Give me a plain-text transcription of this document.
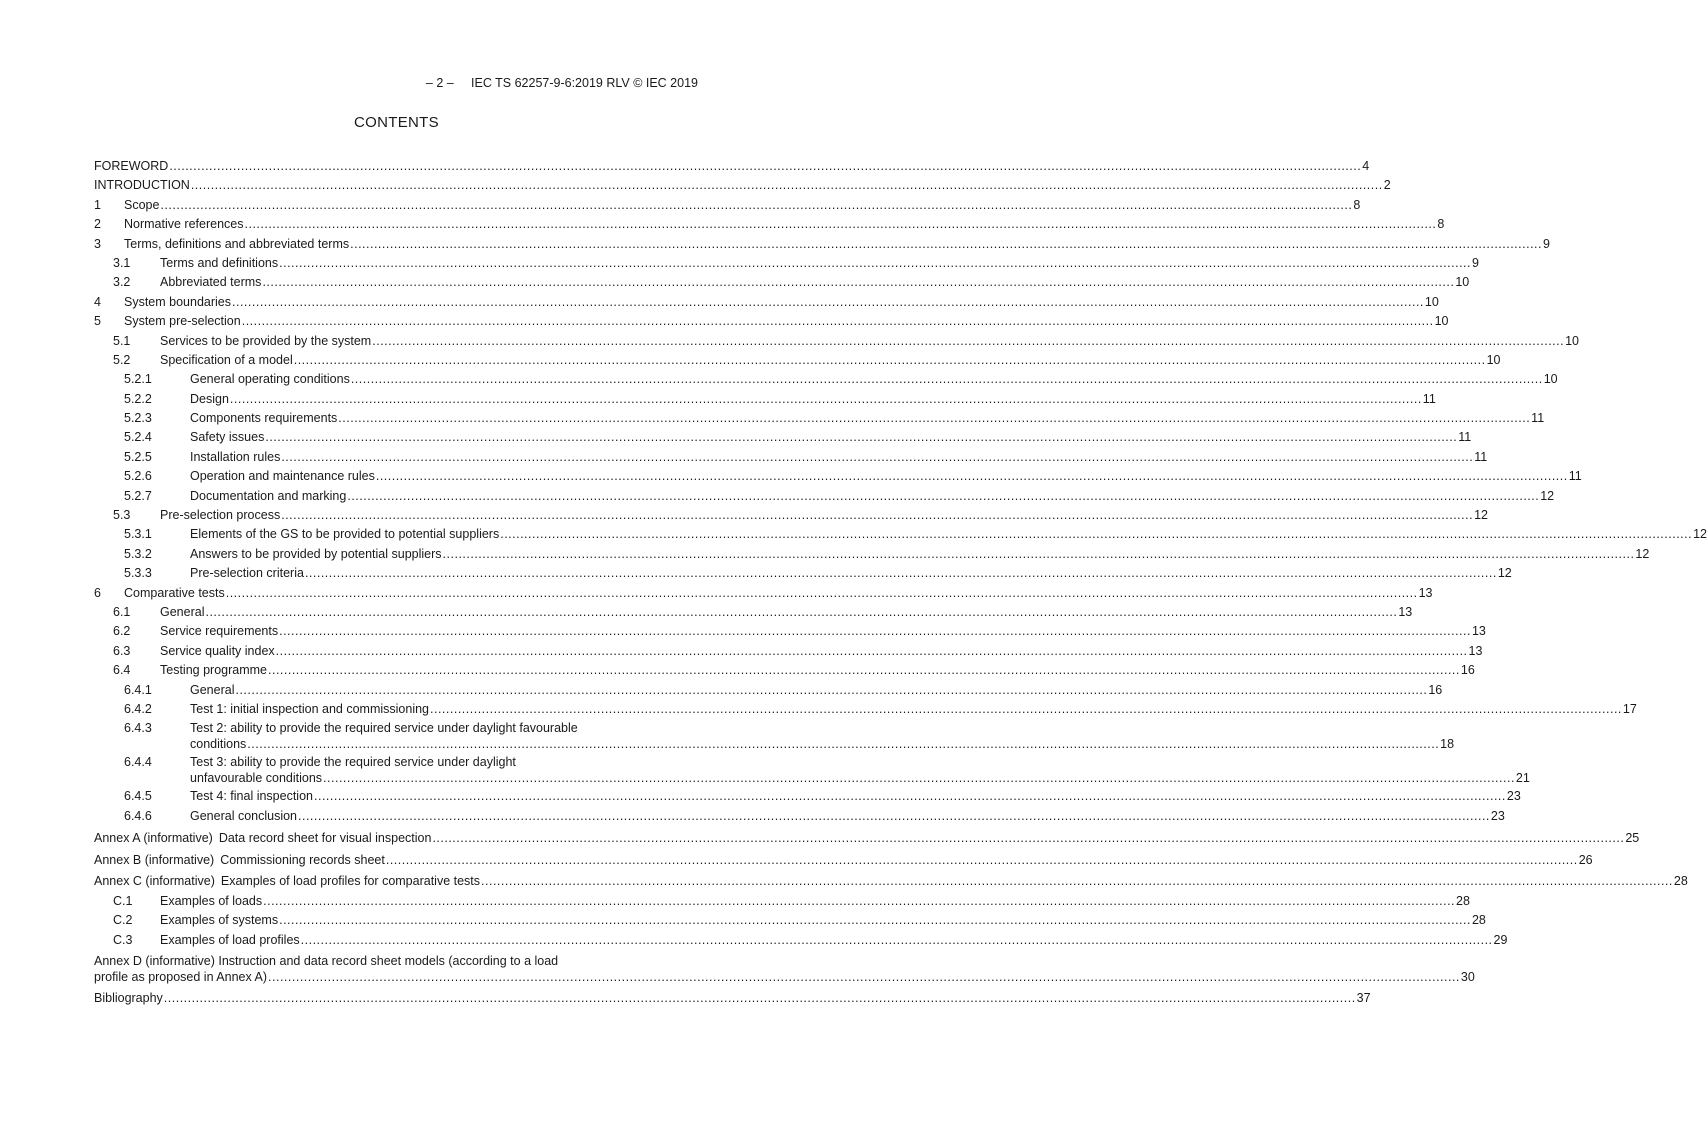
– 2 –     IEC TS 62257-9-6:2019 RLV © IEC 2019
CONTENTS
FOREWORD ............................................................................................................................................................................................................................................................................................................ 4
INTRODUCTION ............................................................................................................................................................................................................................................................................................................ 2
1 Scope ............................................................................................................................................................................................................................................................................................................ 8
2 Normative references ............................................................................................................................................................................................................................................................................................................ 8
3 Terms, definitions and abbreviated terms ............................................................................................................................................................................................................................................................................................................ 9
3.1 Terms and definitions ............................................................................................................................................................................................................................................................................................................ 9
3.2 Abbreviated terms ............................................................................................................................................................................................................................................................................................................ 10
4 System boundaries ............................................................................................................................................................................................................................................................................................................ 10
5 System pre-selection ............................................................................................................................................................................................................................................................................................................ 10
5.1 Services to be provided by the system ............................................................................................................................................................................................................................................................................................................ 10
5.2 Specification of a model ............................................................................................................................................................................................................................................................................................................ 10
5.2.1	General operating conditions ............................................................................................................................................................................................................................................................................................................ 10
5.2.2	Design ............................................................................................................................................................................................................................................................................................................ 11
5.2.3	Components requirements ............................................................................................................................................................................................................................................................................................................ 11
5.2.4	Safety issues ............................................................................................................................................................................................................................................................................................................ 11
5.2.5	Installation rules ............................................................................................................................................................................................................................................................................................................ 11
5.2.6	Operation and maintenance rules ............................................................................................................................................................................................................................................................................................................ 11
5.2.7	Documentation and marking ............................................................................................................................................................................................................................................................................................................ 12
5.3 Pre-selection process ............................................................................................................................................................................................................................................................................................................ 12
5.3.1	Elements of the GS to be provided to potential suppliers ............................................................................................................................................................................................................................................................................................................ 12
5.3.2	Answers to be provided by potential suppliers ............................................................................................................................................................................................................................................................................................................ 12
5.3.3	Pre-selection criteria ............................................................................................................................................................................................................................................................................................................ 12
6 Comparative tests ............................................................................................................................................................................................................................................................................................................ 13
6.1 General ............................................................................................................................................................................................................................................................................................................ 13
6.2 Service requirements ............................................................................................................................................................................................................................................................................................................ 13
6.3 Service quality index ............................................................................................................................................................................................................................................................................................................ 13
6.4 Testing programme ............................................................................................................................................................................................................................................................................................................ 16
6.4.1	General ............................................................................................................................................................................................................................................................................................................ 16
6.4.2	Test 1: initial inspection and commissioning ............................................................................................................................................................................................................................................................................................................ 17
6.4.3	Test 2: ability to provide the required service under daylight favourable
conditions ............................................................................................................................................................................................................................................................................................................ 18
6.4.4	Test 3: ability to provide the required service under daylight
unfavourable conditions ............................................................................................................................................................................................................................................................................................................ 21
6.4.5	Test 4: final inspection ............................................................................................................................................................................................................................................................................................................ 23
6.4.6	General conclusion ............................................................................................................................................................................................................................................................................................................ 23
Annex A (informative) Data record sheet for visual inspection ............................................................................................................................................................................................................................................................................................................ 25
Annex B (informative) Commissioning records sheet ............................................................................................................................................................................................................................................................................................................ 26
Annex C (informative) Examples of load profiles for comparative tests ............................................................................................................................................................................................................................................................................................................ 28
C.1 Examples of loads ............................................................................................................................................................................................................................................................................................................ 28
C.2 Examples of systems ............................................................................................................................................................................................................................................................................................................ 28
C.3 Examples of load profiles ............................................................................................................................................................................................................................................................................................................ 29
Annex D (informative) Instruction and data record sheet models (according to a load
profile as proposed in Annex A) ............................................................................................................................................................................................................................................................................................................ 30
Bibliography ............................................................................................................................................................................................................................................................................................................ 37
